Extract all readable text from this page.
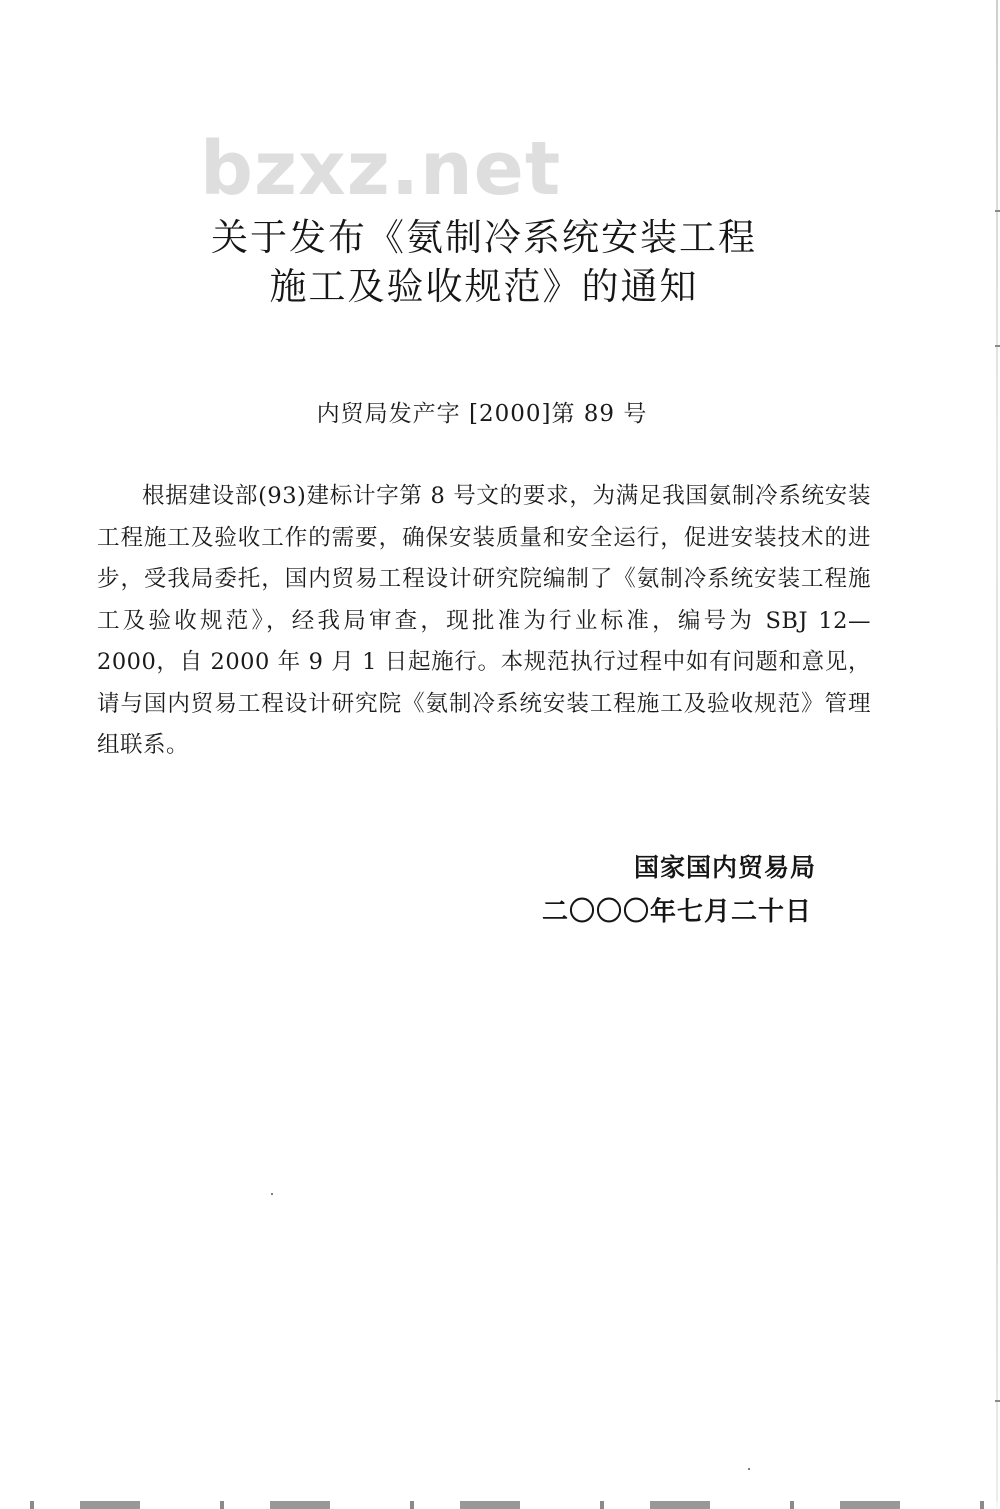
bzxz.net
关于发布《氨制冷系统安装工程
施工及验收规范》的通知
内贸局发产字 [2000]第 89 号
根据建设部(93)建标计字第 8 号文的要求，为满足我国氨制冷系统安装工程施工及验收工作的需要，确保安装质量和安全运行，促进安装技术的进步，受我局委托，国内贸易工程设计研究院编制了《氨制冷系统安装工程施工及验收规范》，经我局审查，现批准为行业标准，编号为 SBJ 12—2000，自 2000 年 9 月 1 日起施行。本规范执行过程中如有问题和意见，请与国内贸易工程设计研究院《氨制冷系统安装工程施工及验收规范》管理组联系。
国家国内贸易局
二〇〇〇年七月二十日
